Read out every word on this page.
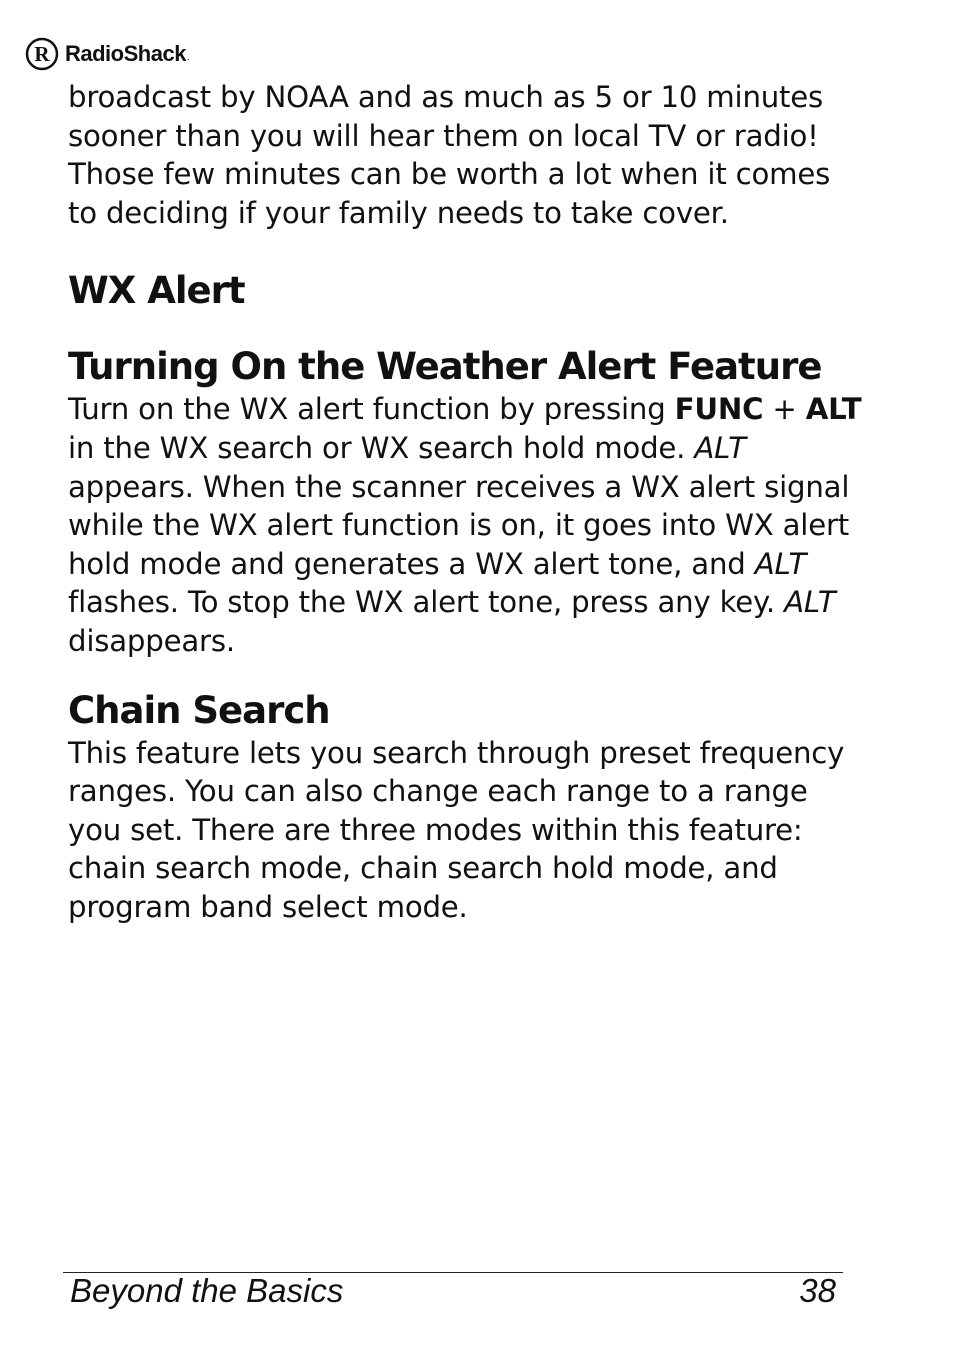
R RadioShack .

broadcast by NOAA and as much as 5 or 10 minutes sooner than you will hear them on local TV or radio! Those few minutes can be worth a lot when it comes to deciding if your family needs to take cover.

WX Alert
Turning On the Weather Alert Feature

Turn on the WX alert function by pressing FUNC + ALT in the WX search or WX search hold mode. ALT appears. When the scanner receives a WX alert signal while the WX alert function is on, it goes into WX alert hold mode and generates a WX alert tone, and ALT flashes. To stop the WX alert tone, press any key. ALT disappears.

Chain Search

This feature lets you search through preset frequency ranges. You can also change each range to a range you set. There are three modes within this feature: chain search mode, chain search hold mode, and program band select mode.

Beyond the Basics	38
